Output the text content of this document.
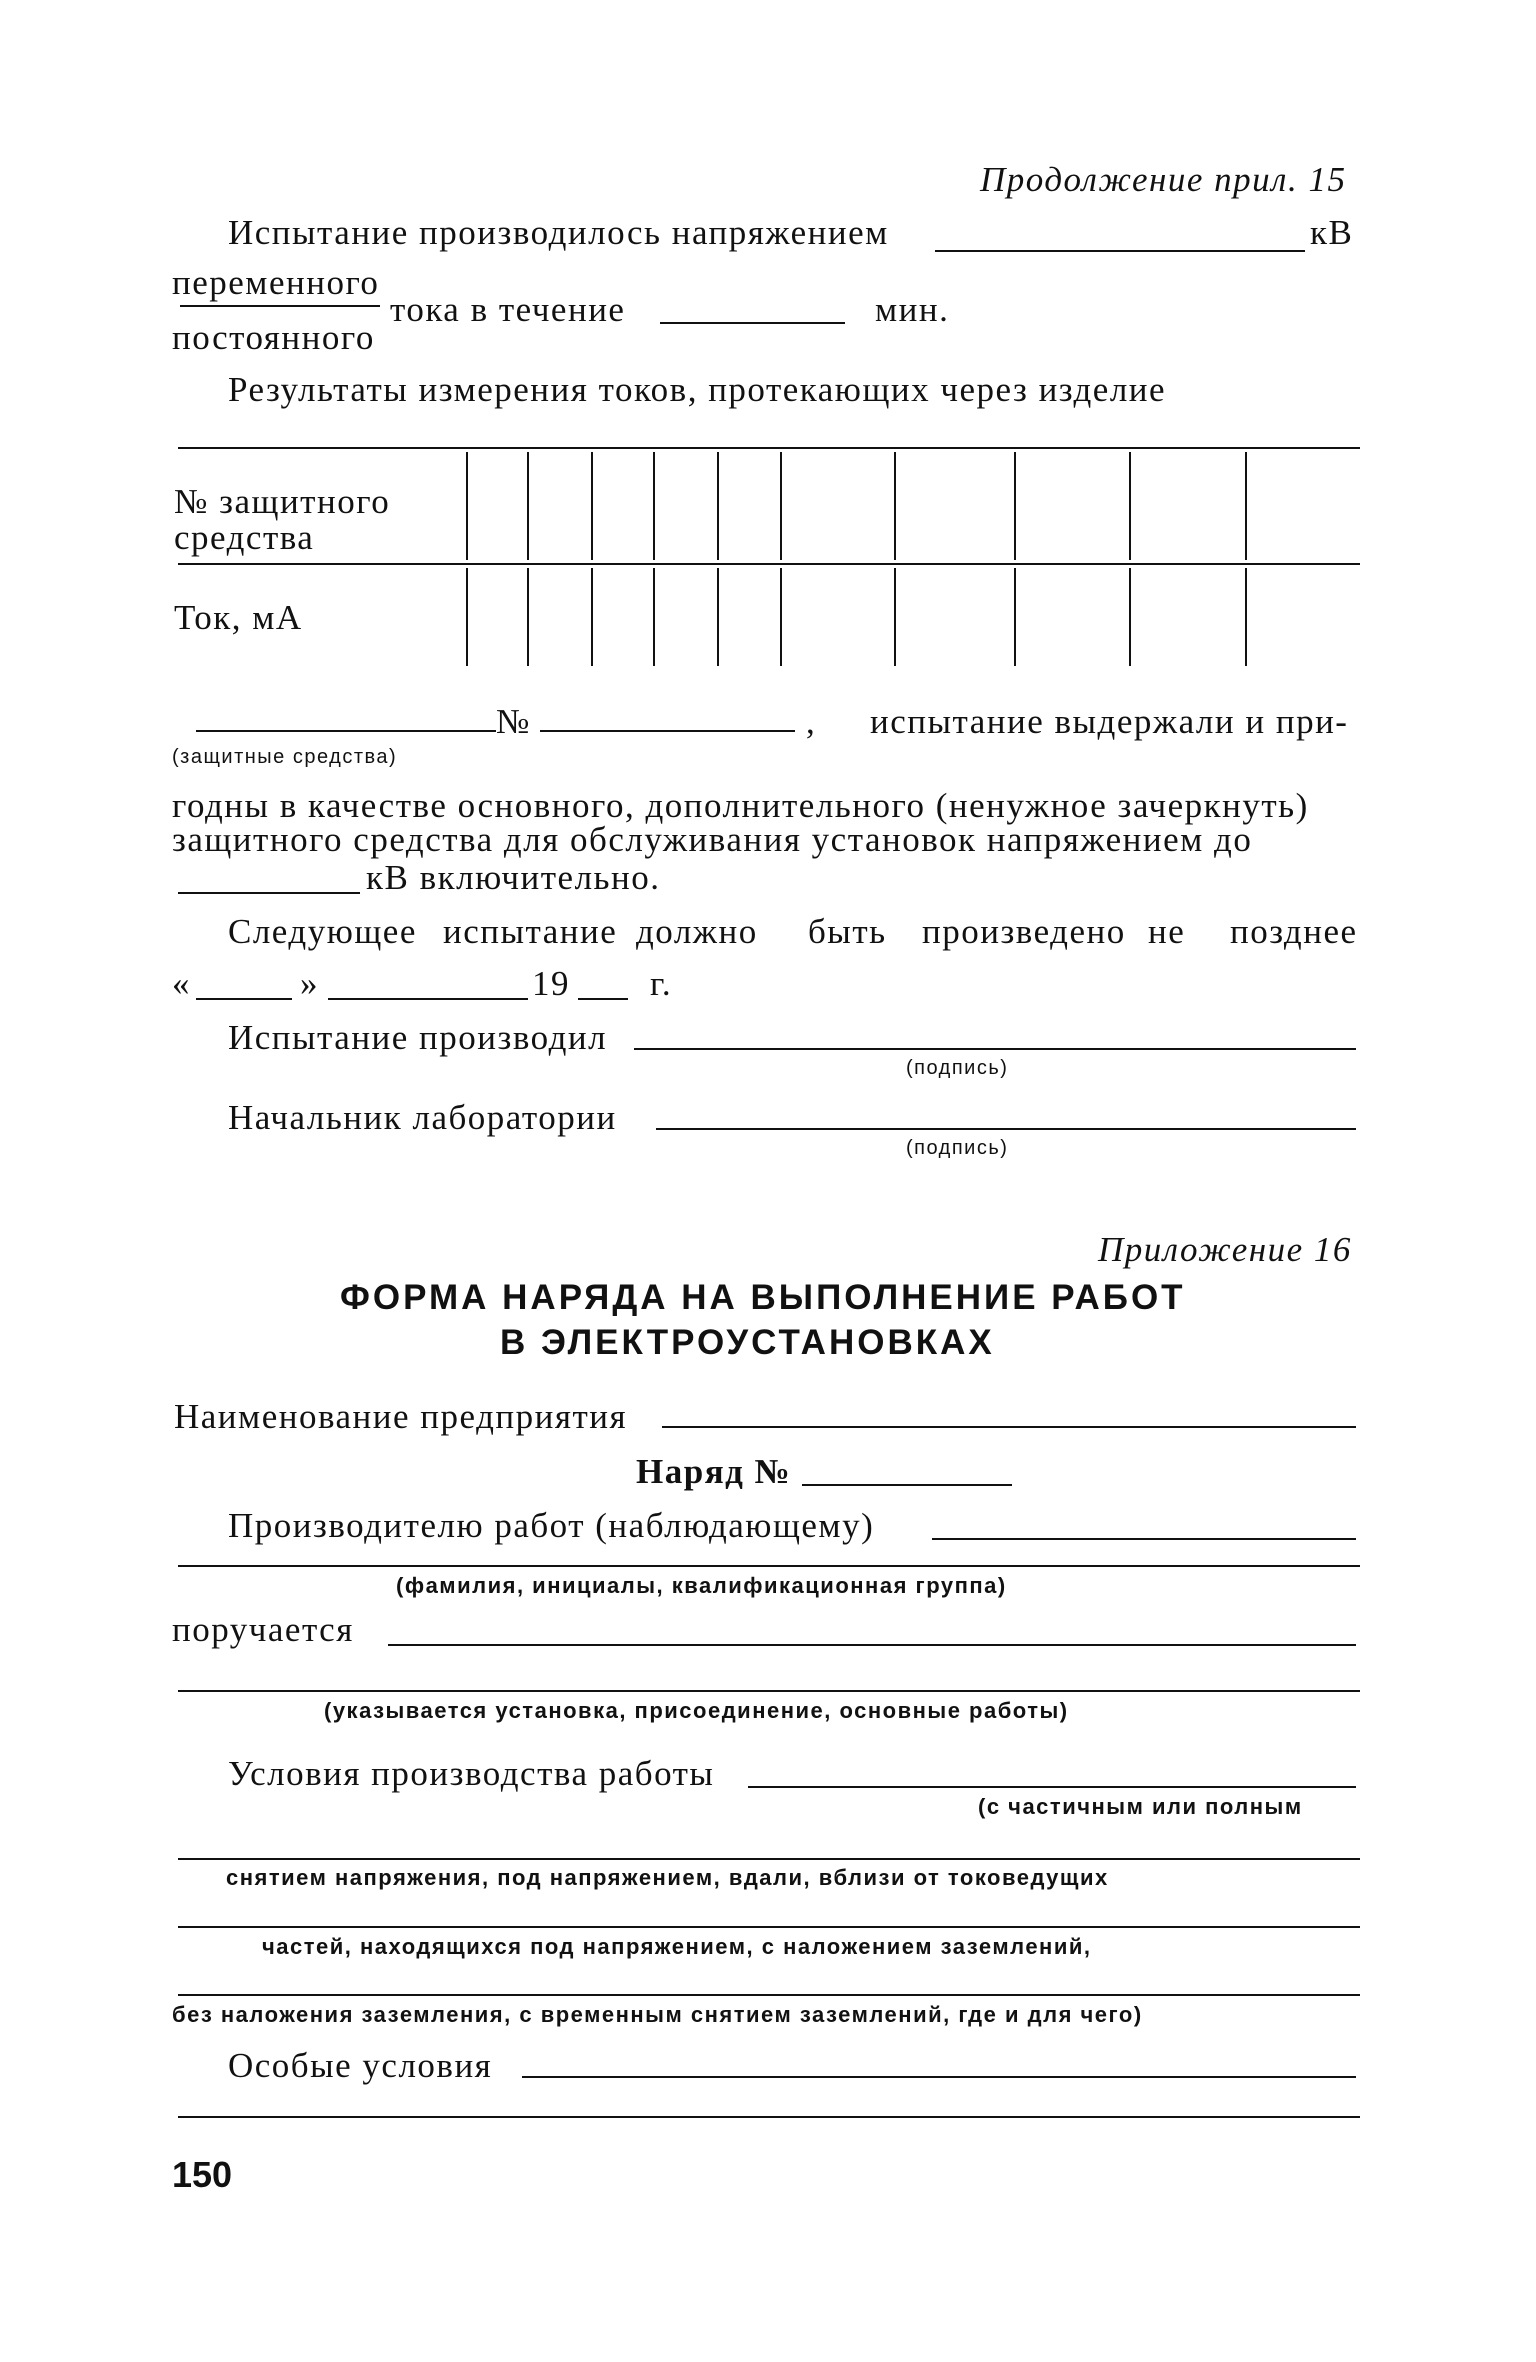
Продолжение прил. 15
Испытание производилось напряжением	кВ
переменного
постоянного
тока в течение	мин.
Результаты измерения токов, протекающих через изделие
№ защитного
средства
Ток, мА
№	, испытание выдержали и при-
(защитные средства)
годны в качестве основного, дополнительного (ненужное зачеркнуть)
защитного средства для обслуживания установок напряжением до
кВ включительно.
Следующее испытание должно быть произведено не позднее
«	»	19 г.
Испытание производил
(подпись)
Начальник лаборатории
(подпись)
Приложение 16
ФОРМА НАРЯДА НА ВЫПОЛНЕНИЕ РАБОТ
В ЭЛЕКТРОУСТАНОВКАХ
Наименование предприятия
Наряд №
Производителю работ (наблюдающему)
(фамилия, инициалы, квалификационная группа)
поручается
(указывается установка, присоединение, основные работы)
Условия производства работы
(с частичным или полным
снятием напряжения, под напряжением, вдали, вблизи от токоведущих
частей, находящихся под напряжением, с наложением заземлений,
без наложения заземления, с временным снятием заземлений, где и для чего)
Особые условия
150
